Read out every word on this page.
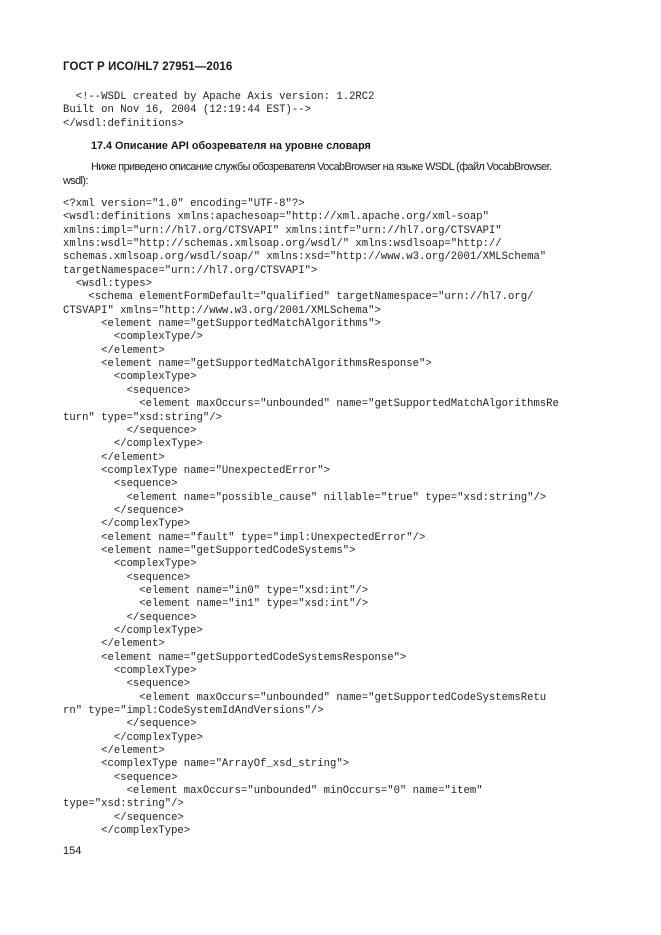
ГОСТ Р ИСО/HL7 27951—2016
<!--WSDL created by Apache Axis version: 1.2RC2
Built on Nov 16, 2004 (12:19:44 EST)-->
</wsdl:definitions>

17.4 Описание API обозревателя на уровне словаря
Ниже приведено описание службы обозревателя VocabBrowser на языке WSDL (файл VocabBrowser.
wsdl):
<?xml version="1.0" encoding="UTF-8"?>
<wsdl:definitions xmlns:apachesoap="http://xml.apache.org/xml-soap"
xmlns:impl="urn://hl7.org/CTSVAPI" xmlns:intf="urn://hl7.org/CTSVAPI"
xmlns:wsdl="http://schemas.xmlsoap.org/wsdl/" xmlns:wsdlsoap="http://
schemas.xmlsoap.org/wsdl/soap/" xmlns:xsd="http://www.w3.org/2001/XMLSchema"
targetNamespace="urn://hl7.org/CTSVAPI">
<wsdl:types>
<schema elementFormDefault="qualified" targetNamespace="urn://hl7.org/
CTSVAPI" xmlns="http://www.w3.org/2001/XMLSchema">
<element name="getSupportedMatchAlgorithms">
<complexType/>
</element>
<element name="getSupportedMatchAlgorithmsResponse">
<complexType>
<sequence>
<element maxOccurs="unbounded" name="getSupportedMatchAlgorithmsRe
turn" type="xsd:string"/>
</sequence>
</complexType>
</element>
<complexType name="UnexpectedError">
<sequence>
<element name="possible_cause" nillable="true" type="xsd:string"/>
</sequence>
</complexType>
<element name="fault" type="impl:UnexpectedError"/>
<element name="getSupportedCodeSystems">
<complexType>
<sequence>
<element name="in0" type="xsd:int"/>
<element name="in1" type="xsd:int"/>
</sequence>
</complexType>
</element>
<element name="getSupportedCodeSystemsResponse">
<complexType>
<sequence>
<element maxOccurs="unbounded" name="getSupportedCodeSystemsRetu
rn" type="impl:CodeSystemIdAndVersions"/>
</sequence>
</complexType>
</element>
<complexType name="ArrayOf_xsd_string">
<sequence>
<element maxOccurs="unbounded" minOccurs="0" name="item"
type="xsd:string"/>
</sequence>
</complexType>

154
